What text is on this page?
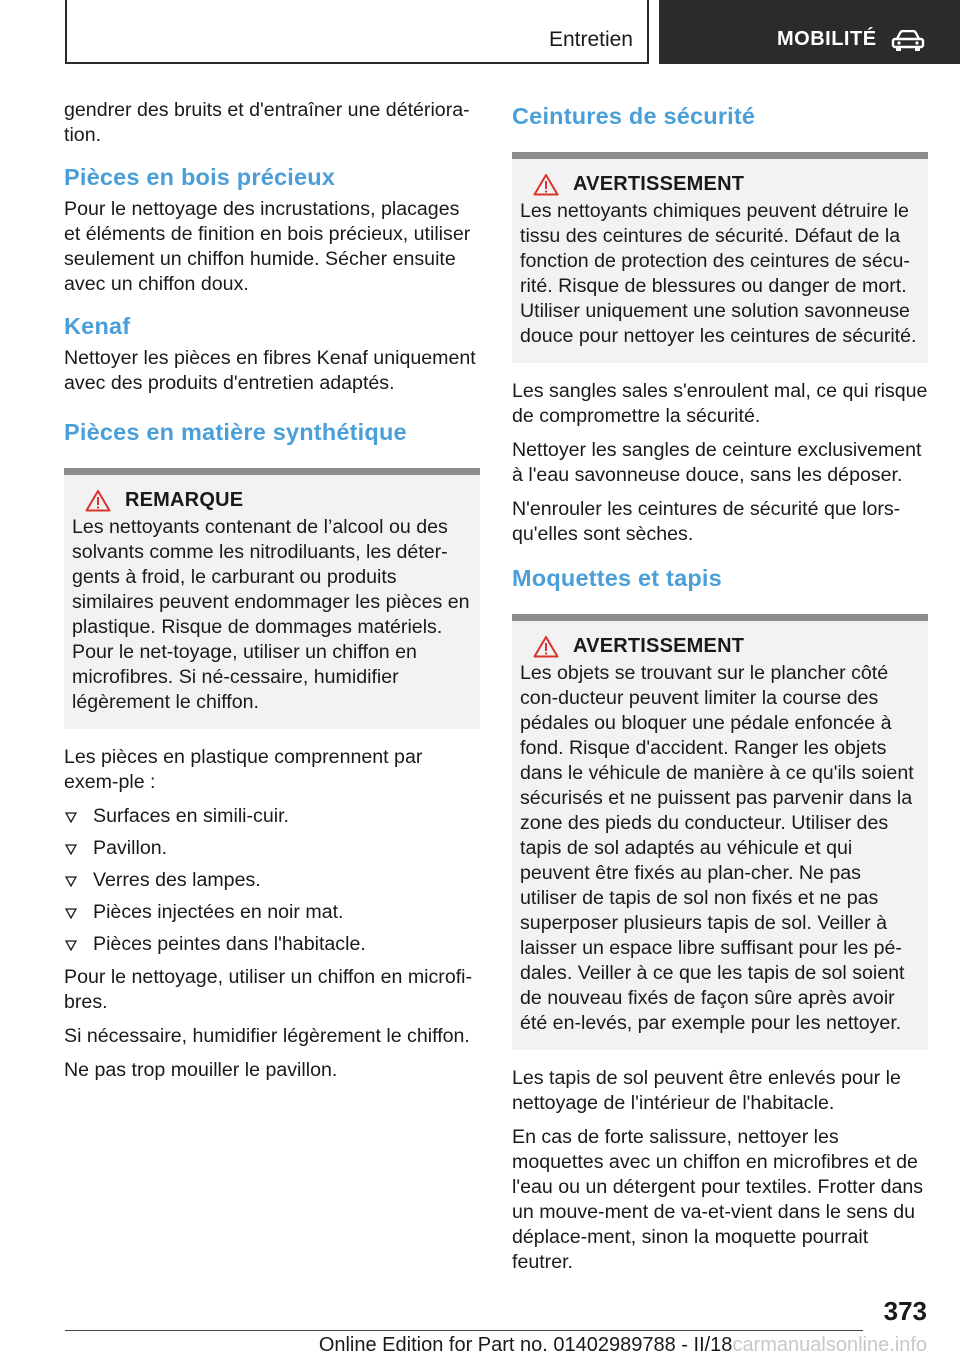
Entretien	MOBILITÉ

gendrer des bruits et d'entraîner une détériora-tion.

Pièces en bois précieux

Pour le nettoyage des incrustations, placages et éléments de finition en bois précieux, utiliser seulement un chiffon humide. Sécher ensuite avec un chiffon doux.

Kenaf

Nettoyer les pièces en fibres Kenaf uniquement avec des produits d'entretien adaptés.

Pièces en matière synthétique
REMARQUE

Les nettoyants contenant de l’alcool ou des solvants comme les nitrodiluants, les déter-gents à froid, le carburant ou produits similaires peuvent endommager les pièces en plastique. Risque de dommages matériels. Pour le net-toyage, utiliser un chiffon en microfibres. Si né-cessaire, humidifier légèrement le chiffon.

Les pièces en plastique comprennent par exem-ple :

Surfaces en simili-cuir.
Pavillon.
Verres des lampes.
Pièces injectées en noir mat.
Pièces peintes dans l'habitacle.

Pour le nettoyage, utiliser un chiffon en microfi-bres.

Si nécessaire, humidifier légèrement le chiffon.

Ne pas trop mouiller le pavillon.

Ceintures de sécurité
AVERTISSEMENT

Les nettoyants chimiques peuvent détruire le tissu des ceintures de sécurité. Défaut de la fonction de protection des ceintures de sécu-rité. Risque de blessures ou danger de mort. Utiliser uniquement une solution savonneuse douce pour nettoyer les ceintures de sécurité.

Les sangles sales s'enroulent mal, ce qui risque de compromettre la sécurité.

Nettoyer les sangles de ceinture exclusivement à l'eau savonneuse douce, sans les déposer.

N'enrouler les ceintures de sécurité que lors-qu'elles sont sèches.

Moquettes et tapis
AVERTISSEMENT

Les objets se trouvant sur le plancher côté con-ducteur peuvent limiter la course des pédales ou bloquer une pédale enfoncée à fond. Risque d'accident. Ranger les objets dans le véhicule de manière à ce qu'ils soient sécurisés et ne puissent pas parvenir dans la zone des pieds du conducteur. Utiliser des tapis de sol adaptés au véhicule et qui peuvent être fixés au plan-cher. Ne pas utiliser de tapis de sol non fixés et ne pas superposer plusieurs tapis de sol. Veiller à laisser un espace libre suffisant pour les pé-dales. Veiller à ce que les tapis de sol soient de nouveau fixés de façon sûre après avoir été en-levés, par exemple pour les nettoyer.

Les tapis de sol peuvent être enlevés pour le nettoyage de l'intérieur de l'habitacle.

En cas de forte salissure, nettoyer les moquettes avec un chiffon en microfibres et de l'eau ou un détergent pour textiles. Frotter dans un mouve-ment de va-et-vient dans le sens du déplace-ment, sinon la moquette pourrait feutrer.

373
Online Edition for Part no. 01402989788 - II/18carmanualsonline.info
